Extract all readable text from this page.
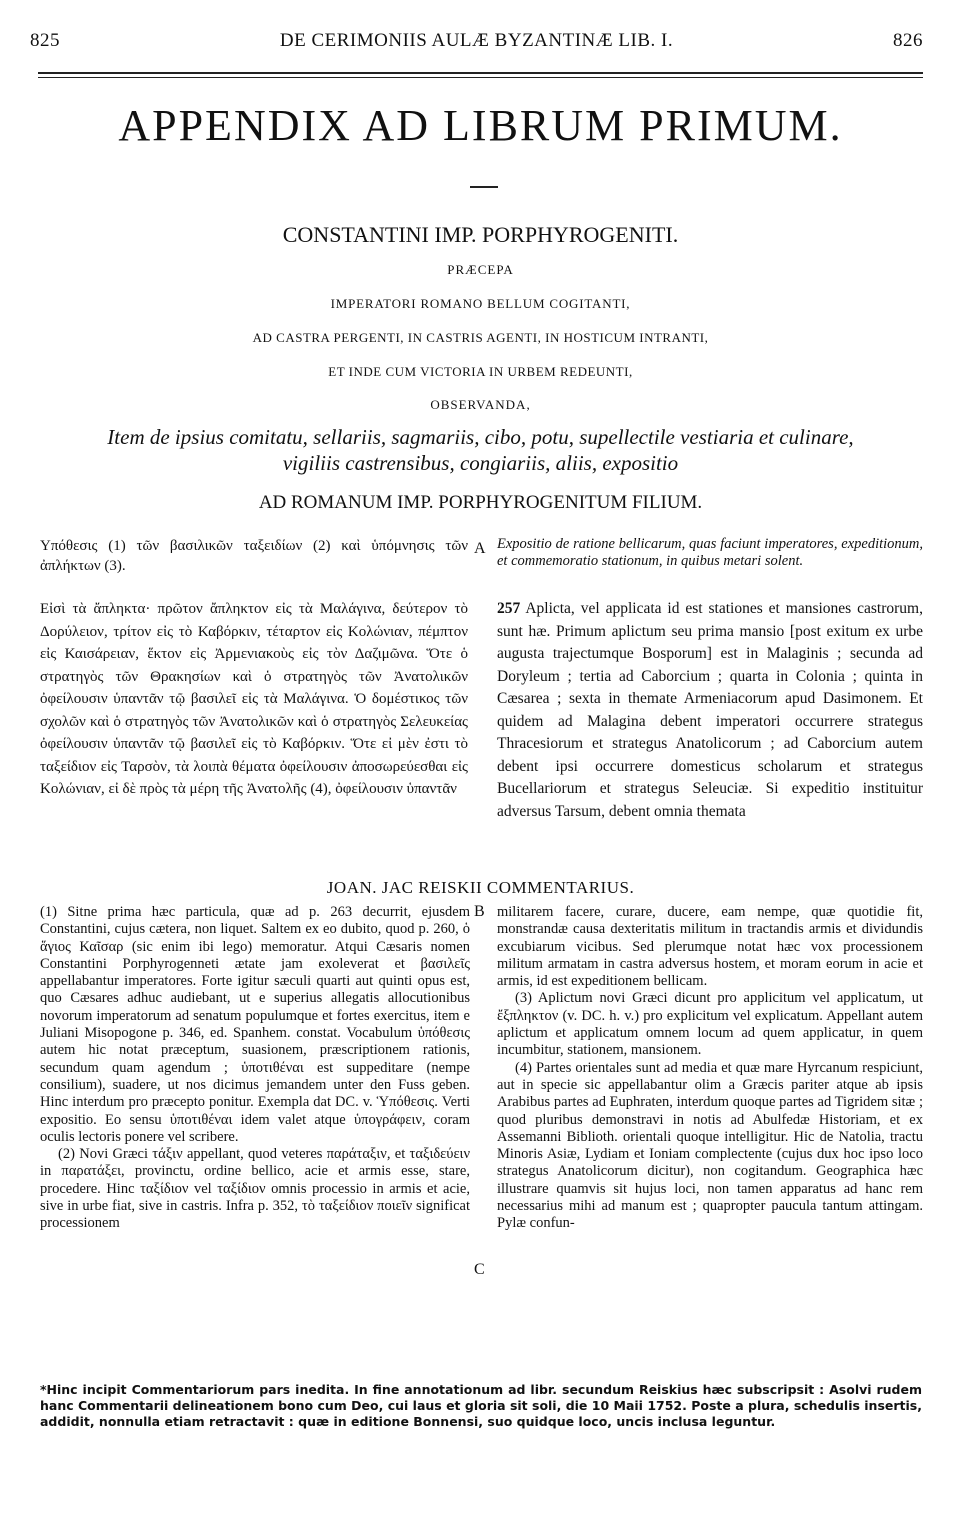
825	DE CERIMONIIS AULÆ BYZANTINÆ LIB. I.	826
APPENDIX AD LIBRUM PRIMUM.
CONSTANTINI IMP. PORPHYROGENITI.
PRÆCEPA
IMPERATORI ROMANO BELLUM COGITANTI,
AD CASTRA PERGENTI, IN CASTRIS AGENTI, IN HOSTICUM INTRANTI,
ET INDE CUM VICTORIA IN URBEM REDEUNTI,
OBSERVANDA,
Item de ipsius comitatu, sellariis, sagmariis, cibo, potu, supellectile vestiaria et culinare,
vigiliis castrensibus, congiariis, aliis, expositio
AD ROMANUM IMP. PORPHYROGENITUM FILIUM.
Υπόθεσις (1) τῶν βασιλικῶν ταξειδίων (2) καὶ ὑπόμνησις τῶν ἀπλήκτων (3).
Expositio de ratione bellicarum, quas faciunt imperatores, expeditionum, et commemoratio stationum, in quibus metari solent.
A
Εἰσὶ τὰ ἄπληκτα· πρῶτον ἄπληκτον εἰς τὰ Μαλάγινα, δεύτερον τὸ Δορύλειον, τρίτον εἰς τὸ Καβόρκιν, τέταρτον εἰς Κολώνιαν, πέμπτον εἰς Καισάρειαν, ἕκτον εἰς Ἀρμενιακοὺς εἰς τὸν Δαζιμῶνα. Ὅτε ὁ στρατηγὸς τῶν Θρακησίων καὶ ὁ στρατηγὸς τῶν Ἀνατολικῶν ὀφείλουσιν ὑπαντᾶν τῷ βασιλεῖ εἰς τὰ Μαλάγινα. Ὁ δομέστικος τῶν σχολῶν καὶ ὁ στρατηγὸς τῶν Ἀνατολικῶν καὶ ὁ στρατηγὸς Σελευκείας ὀφείλουσιν ὑπαντᾶν τῷ βασιλεῖ εἰς τὸ Καβόρκιν. Ὅτε εἰ μὲν ἐστι τὸ ταξείδιον εἰς Ταρσὸν, τὰ λοιπὰ θέματα ὀφείλουσιν ἀποσωρεύεσθαι εἰς Κολώνιαν, εἰ δὲ πρὸς τὰ μέρη τῆς Ἀνατολῆς (4), ὀφείλουσιν ὑπαντᾶν
257 Aplicta, vel applicata id est stationes et mansiones castrorum, sunt hæ. Primum aplictum seu prima mansio [post exitum ex urbe augusta trajectumque Bosporum] est in Malaginis ; secunda ad Doryleum ; tertia ad Caborcium ; quarta in Colonia ; quinta in Cæsarea ; sexta in themate Armeniacorum apud Dasimonem. Et quidem ad Malagina debent imperatori occurrere strategus Thracesiorum et strategus Anatolicorum ; ad Caborcium autem debent ipsi occurrere domesticus scholarum et strategus Bucellariorum et strategus Seleuciæ. Si expeditio instituitur adversus Tarsum, debent omnia themata
JOAN. JAC REISKII COMMENTARIUS.
B
C

(1) Sitne prima hæc particula, quæ ad p. 263 decurrit, ejusdem Constantini, cujus cætera, non liquet. Saltem ex eo dubito, quod p. 260, ὁ ἅγιος Καῖσαρ (sic enim ibi lego) memoratur. Atqui Cæsaris nomen Constantini Porphyrogenneti ætate jam exoleverat et βασιλεῖς appellabantur imperatores. Forte igitur sæculi quarti aut quinti opus est, quo Cæsares adhuc audiebant, ut e superius allegatis allocutionibus novorum imperatorum ad senatum populumque et fortes exercitus, item e Juliani Misopogone p. 346, ed. Spanhem. constat. Vocabulum ὑπόθεσις autem hic notat præceptum, suasionem, præscriptionem rationis, secundum quam agendum ; ὑποτιθέναι est suppeditare (nempe consilium), suadere, ut nos dicimus jemandem unter den Fuss geben. Hinc interdum pro præcepto ponitur. Exempla dat DC. v. Ὑπόθεσις. Verti expositio. Eo sensu ὑποτιθέναι idem valet atque ὑπογράφειν, coram oculis lectoris ponere vel scribere.

(2) Novi Græci τάξιν appellant, quod veteres παράταξιν, et ταξιδεύειν in παρατάξει, provinctu, ordine bellico, acie et armis esse, stare, procedere. Hinc ταξίδιον vel ταξίδιον omnis processio in armis et acie, sive in urbe fiat, sive in castris. Infra p. 352, τὸ ταξείδιον ποιεῖν significat processionem

militarem facere, curare, ducere, eam nempe, quæ quotidie fit, monstrandæ causa dexteritatis militum in tractandis armis et dividundis excubiarum vicibus. Sed plerumque notat hæc vox processionem militum armatam in castra adversus hostem, et moram eorum in acie et armis, id est expeditionem bellicam.

(3) Aplictum novi Græci dicunt pro applicitum vel applicatum, ut ἔξπληκτον (v. DC. h. v.) pro explicitum vel explicatum. Appellant autem aplictum et applicatum omnem locum ad quem applicatur, in quem incumbitur, stationem, mansionem.

(4) Partes orientales sunt ad media et quæ mare Hyrcanum respiciunt, aut in specie sic appellabantur olim a Græcis pariter atque ab ipsis Arabibus partes ad Euphraten, interdum quoque partes ad Tigridem sitæ ; quod pluribus demonstravi in notis ad Abulfedæ Historiam, et ex Assemanni Biblioth. orientali quoque intelligitur. Hic de Natolia, tractu Minoris Asiæ, Lydiam et Ioniam complectente (cujus dux hoc ipso loco strategus Anatolicorum dicitur), non cogitandum. Geographica hæc illustrare quamvis sit hujus loci, non tamen apparatus ad hanc rem necessarius mihi ad manum est ; quapropter paucula tantum attingam. Pylæ confun-

*Hinc incipit Commentariorum pars inedita. In fine annotationum ad libr. secundum Reiskius hæc subscripsit : Asolvi rudem hanc Commentarii delineationem bono cum Deo, cui laus et gloria sit soli, die 10 Maii 1752. Poste a plura, schedulis insertis, addidit, nonnulla etiam retractavit : quæ in editione Bonnensi, suo quidque loco, uncis inclusa leguntur.
